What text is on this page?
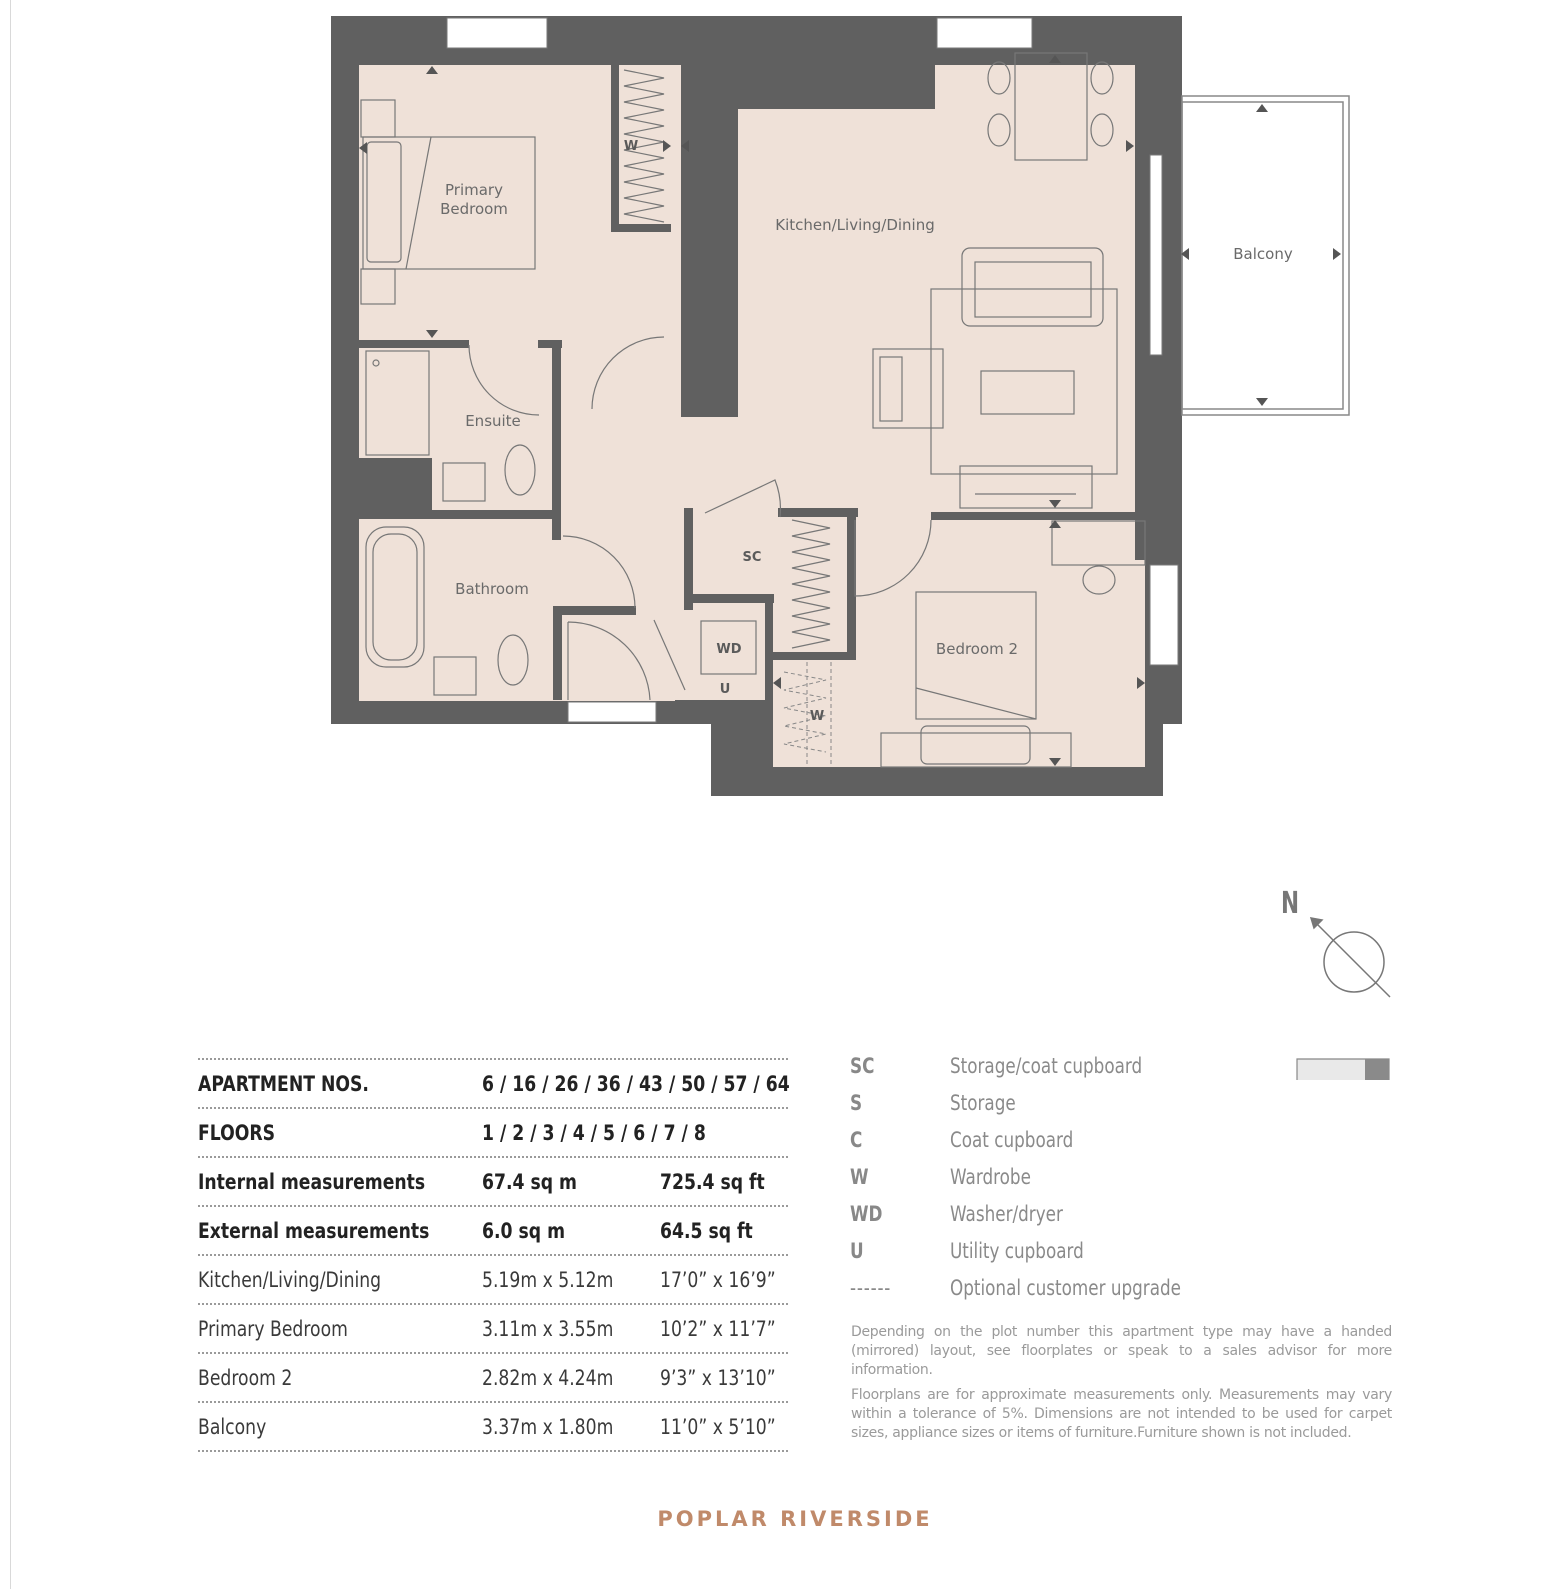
Primary
Bedroom
Kitchen/Living/Dining
Balcony
Ensuite
Bathroom
Bedroom 2
W
SC
WD
U
W
N
APARTMENT NOS.	6 / 16 / 26 / 36 / 43 / 50 / 57 / 64
FLOORS	1 / 2 / 3 / 4 / 5 / 6 / 7 / 8
Internal measurements	67.4 sq m	725.4 sq ft
External measurements	6.0 sq m	64.5 sq ft
Kitchen/Living/Dining	5.19m x 5.12m 17’0” x 16’9”
Primary Bedroom	3.11m x 3.55m 10’2” x 11’7”
Bedroom 2	2.82m x 4.24m 9’3” x 13’10”
Balcony	3.37m x 1.80m 11’0” x 5’10”
SC	Storage/coat cupboard
S	Storage
C	Coat cupboard
W	Wardrobe
WD	Washer/dryer
U	Utility cupboard
------	Optional customer upgrade

Depending on the plot number this apartment type may have a handed (mirrored) layout, see floorplates or speak to a sales advisor for more information.

Floorplans are for approximate measurements only. Measurements may vary within a tolerance of 5%. Dimensions are not intended to be used for carpet sizes, appliance sizes or items of furniture.Furniture shown is not included.

POPLAR RIVERSIDE
